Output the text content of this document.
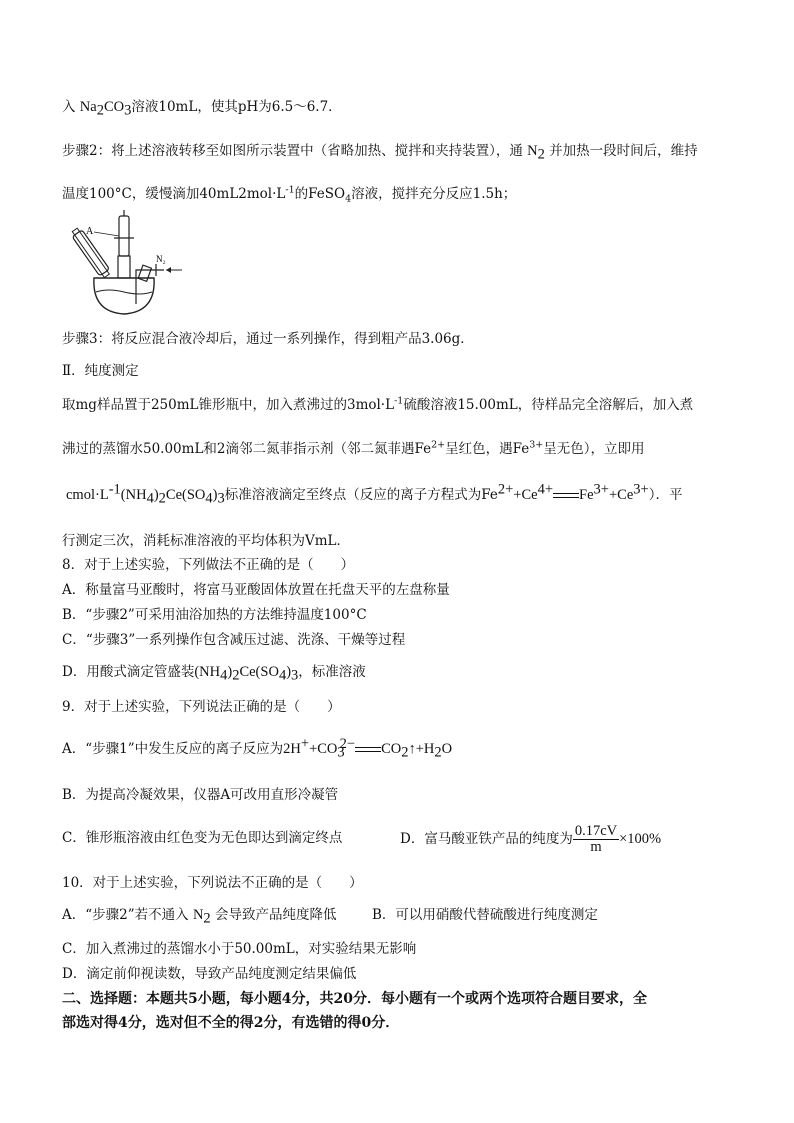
入 $Na_2CO_3$溶液10mL，使其pH为6.5～6.7．
步骤2：将上述溶液转移至如图所示装置中（省略加热、搅拌和夹持装置），通 $N_2$ 并加热一段时间后，维持
温度100°C，缓慢滴加$40mL2mol\cdot L^{-1}$的FeSO$_4$溶液，搅拌充分反应1.5h；
A
N₂
步骤3：将反应混合液冷却后，通过一系列操作，得到粗产品3.06g．
Ⅱ．纯度测定
取mg样品置于250mL锥形瓶中，加入煮沸过的$3mol\cdot L^{-1}$硫酸溶液15.00mL，待样品完全溶解后，加入煮
沸过的蒸馏水50.00mL和2滴邻二氮菲指示剂（邻二氮菲遇$Fe^{2+}$呈红色，遇$Fe^{3+}$呈无色），立即用
$cmol\cdot L^{-1}(NH_4)_2Ce(SO_4)_3$标准溶液滴定至终点（反应的离子方程式为$Fe^{2+}+Ce^{4+}$ $Fe^{3+}+Ce^{3+}$）．平
行测定三次，消耗标准溶液的平均体积为VmL．
8．对于上述实验，下列做法不正确的是（　　）
A．称量富马亚酸时，将富马亚酸固体放置在托盘天平的左盘称量
B．“步骤2”可采用油浴加热的方法维持温度100°C
C．“步骤3”一系列操作包含减压过滤、洗涤、干燥等过程
D．用酸式滴定管盛装$(NH_4)_2Ce(SO_4)_3$，标准溶液
9．对于上述实验，下列说法正确的是（　　）
A．“步骤1”中发生反应的离子反应为$2H^++CO_3^{2-}$ $CO_2↑+H_2O$
B．为提高冷凝效果，仪器A可改用直形冷凝管
C．锥形瓶溶液由红色变为无色即达到滴定终点	D．富马酸亚铁产品的纯度为 $\frac{0.17cV}{m} \times 100\%$
10．对于上述实验，下列说法不正确的是（　　）
A．“步骤2”若不通入 $N_2$ 会导致产品纯度降低	B．可以用硝酸代替硫酸进行纯度测定
C．加入煮沸过的蒸馏水小于50.00mL，对实验结果无影响
D．滴定前仰视读数，导致产品纯度测定结果偏低
二、选择题：本题共5小题，每小题4分，共20分．每小题有一个或两个选项符合题目要求，全
部选对得4分，选对但不全的得2分，有选错的得0分．
